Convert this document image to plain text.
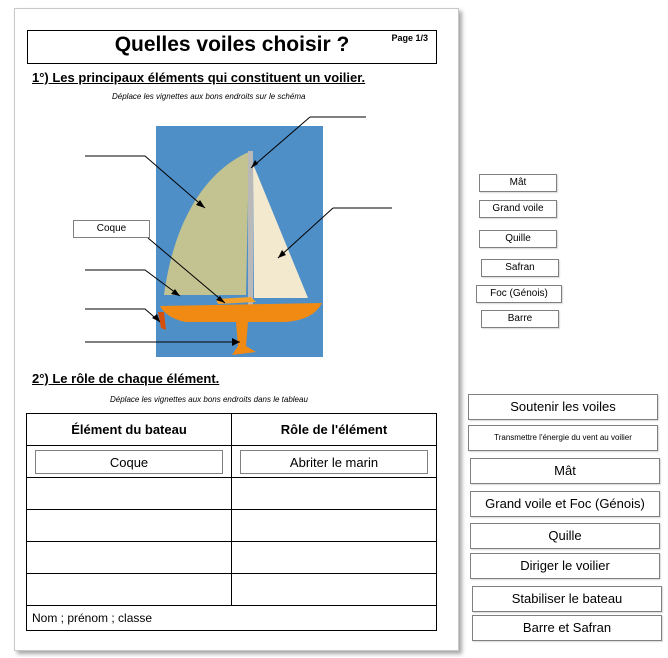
Quelles voiles choisir ?	Page 1/3
1°) Les principaux éléments qui constituent un voilier.
Déplace les vignettes aux bons endroits sur le schéma
Coque
2°) Le rôle de chaque élément.
Déplace les vignettes aux bons endroits dans le tableau
Élément du bateau	Rôle de l'élément

Coque	Abriter le marin

Nom ; prénom ; classe
Mât
Grand voile
Quille
Safran
Foc (Génois)
Barre
Soutenir les voiles
Transmettre l'énergie du vent au voilier
Mât
Grand voile et Foc (Génois)
Quille
Diriger le voilier
Stabiliser le bateau
Barre et Safran
